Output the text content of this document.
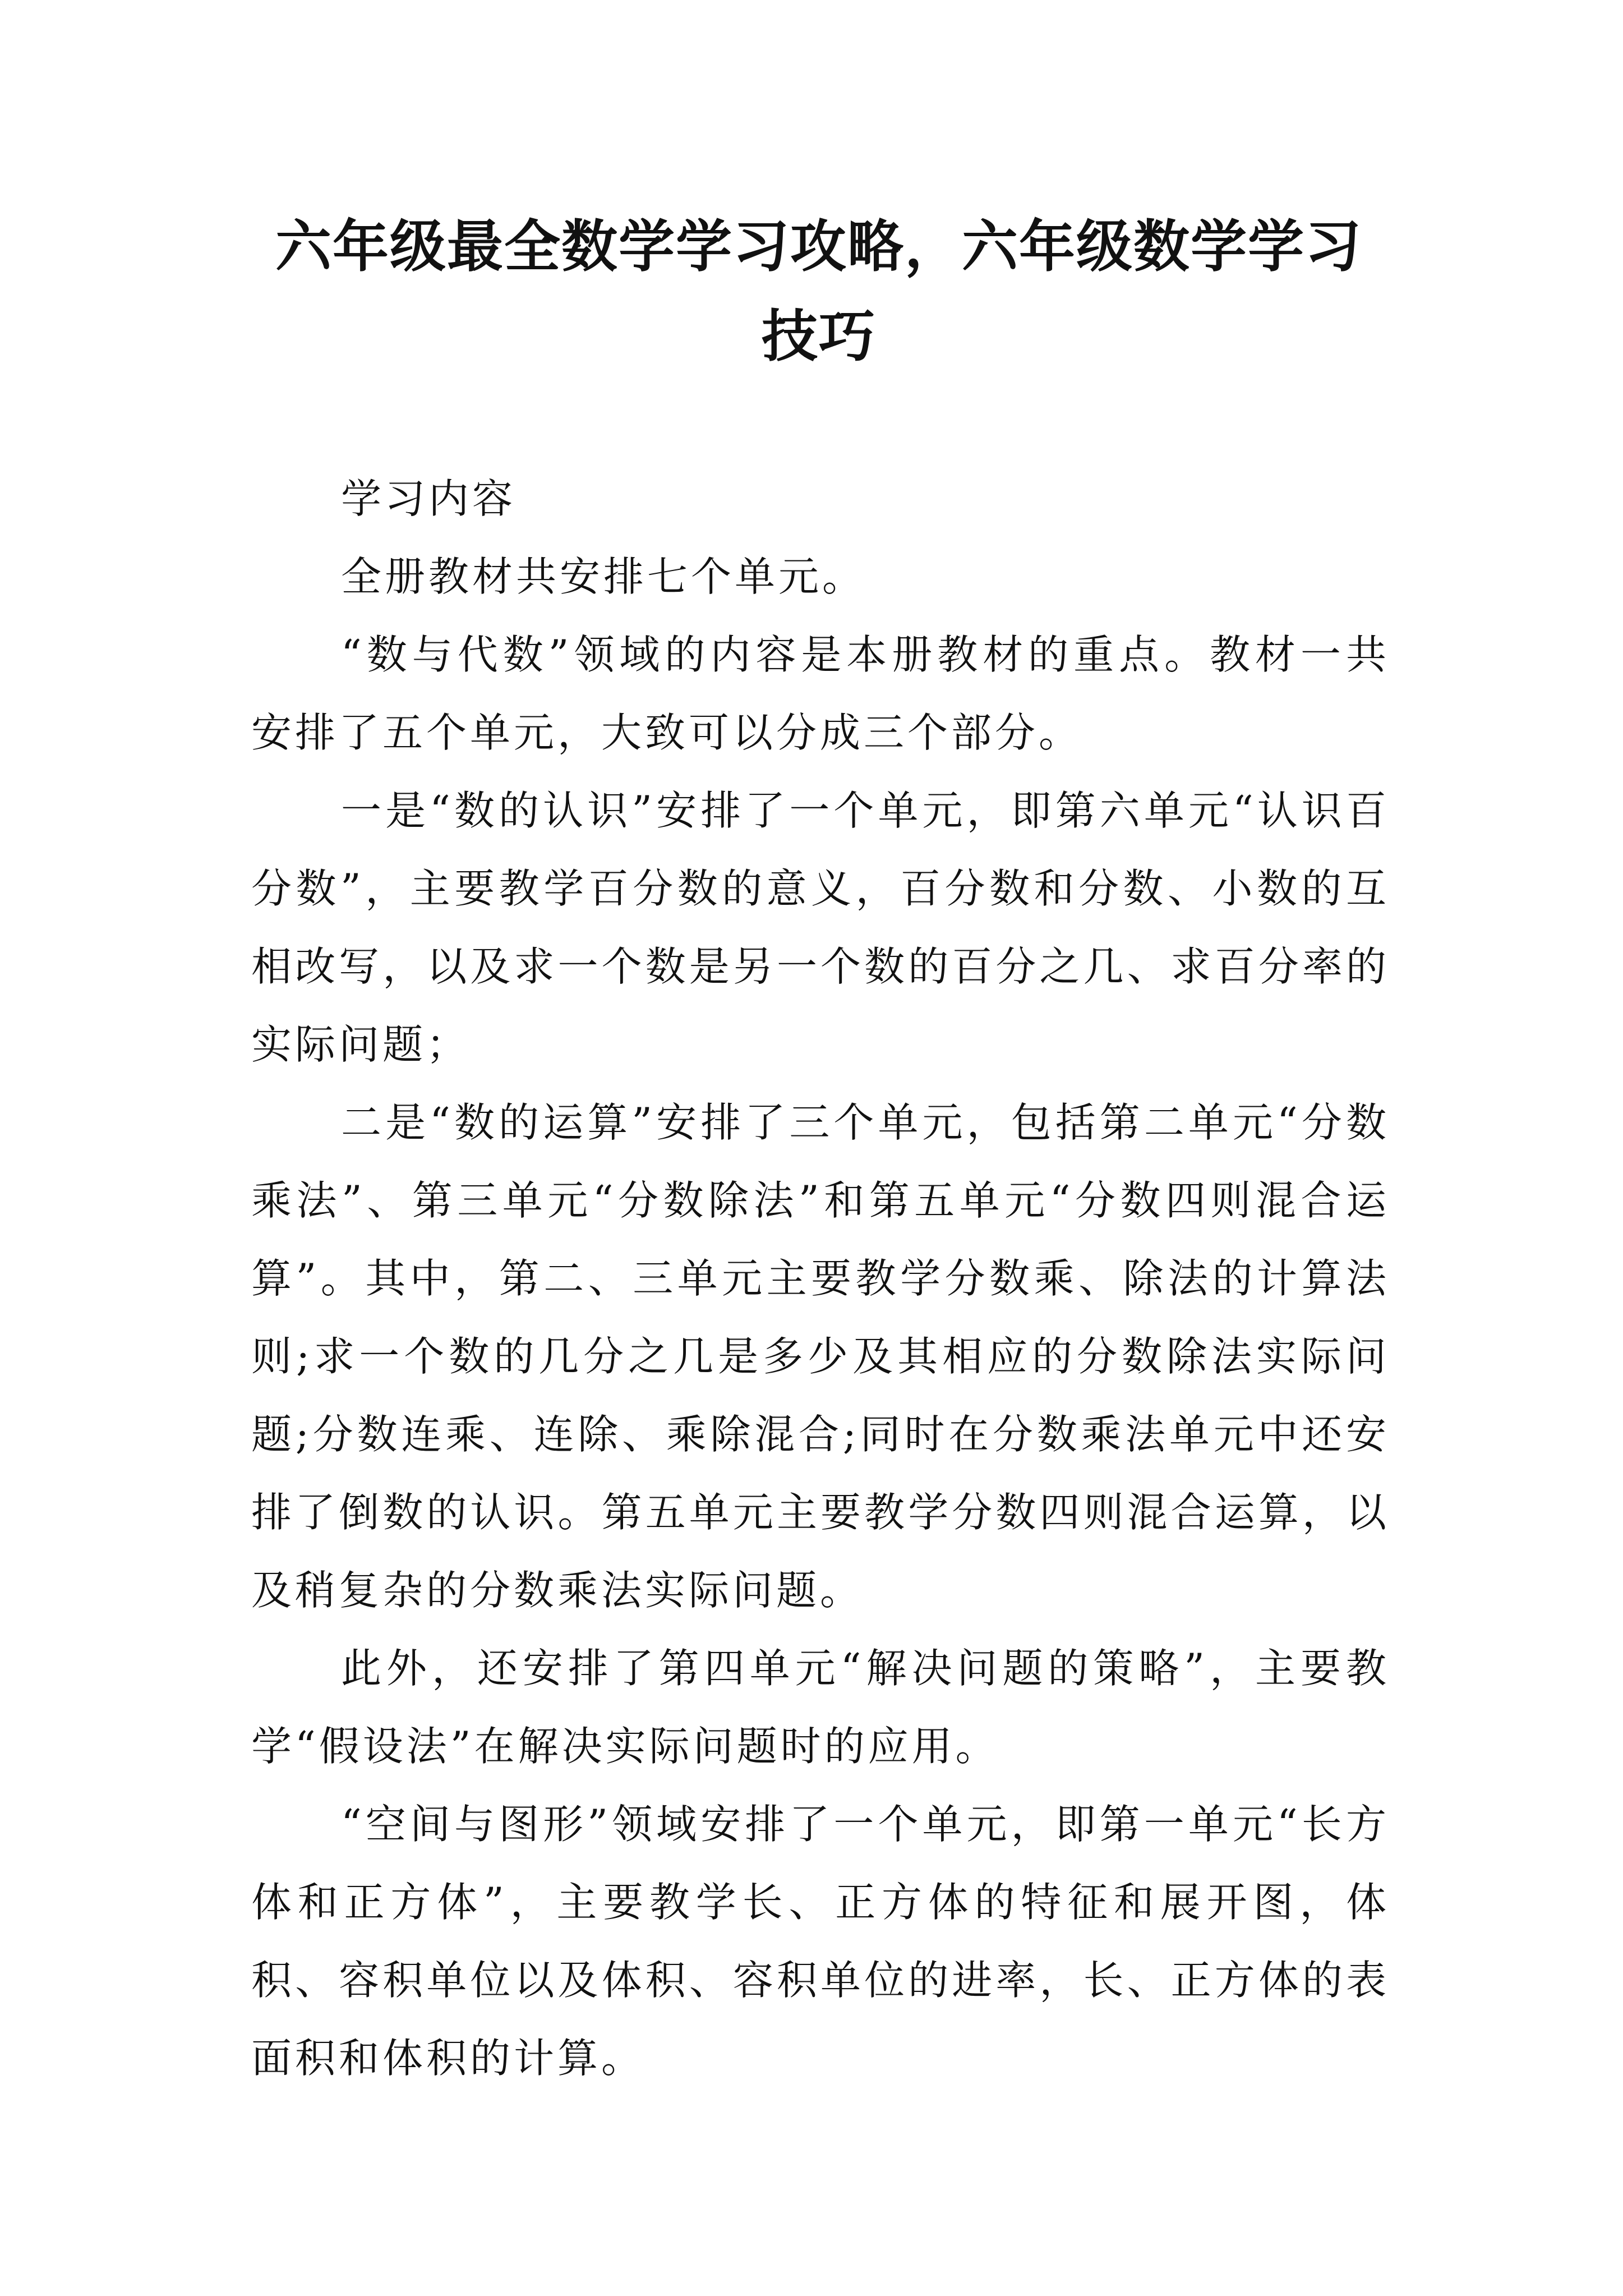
六年级最全数学学习攻略，六年级数学学习
技巧

学习内容

全册教材共安排七个单元。

“数与代数”领域的内容是本册教材的重点。教材一共安排了五个单元，大致可以分成三个部分。

一是“数的认识”安排了一个单元，即第六单元“认识百分数”，主要教学百分数的意义，百分数和分数、小数的互相改写，以及求一个数是另一个数的百分之几、求百分率的实际问题；

二是“数的运算”安排了三个单元，包括第二单元“分数乘法”、第三单元“分数除法”和第五单元“分数四则混合运算”。其中，第二、三单元主要教学分数乘、除法的计算法则;求一个数的几分之几是多少及其相应的分数除法实际问题;分数连乘、连除、乘除混合;同时在分数乘法单元中还安排了倒数的认识。第五单元主要教学分数四则混合运算，以及稍复杂的分数乘法实际问题。

此外，还安排了第四单元“解决问题的策略”，主要教学“假设法”在解决实际问题时的应用。

“空间与图形”领域安排了一个单元，即第一单元“长方体和正方体”，主要教学长、正方体的特征和展开图，体积、容积单位以及体积、容积单位的进率，长、正方体的表面积和体积的计算。
